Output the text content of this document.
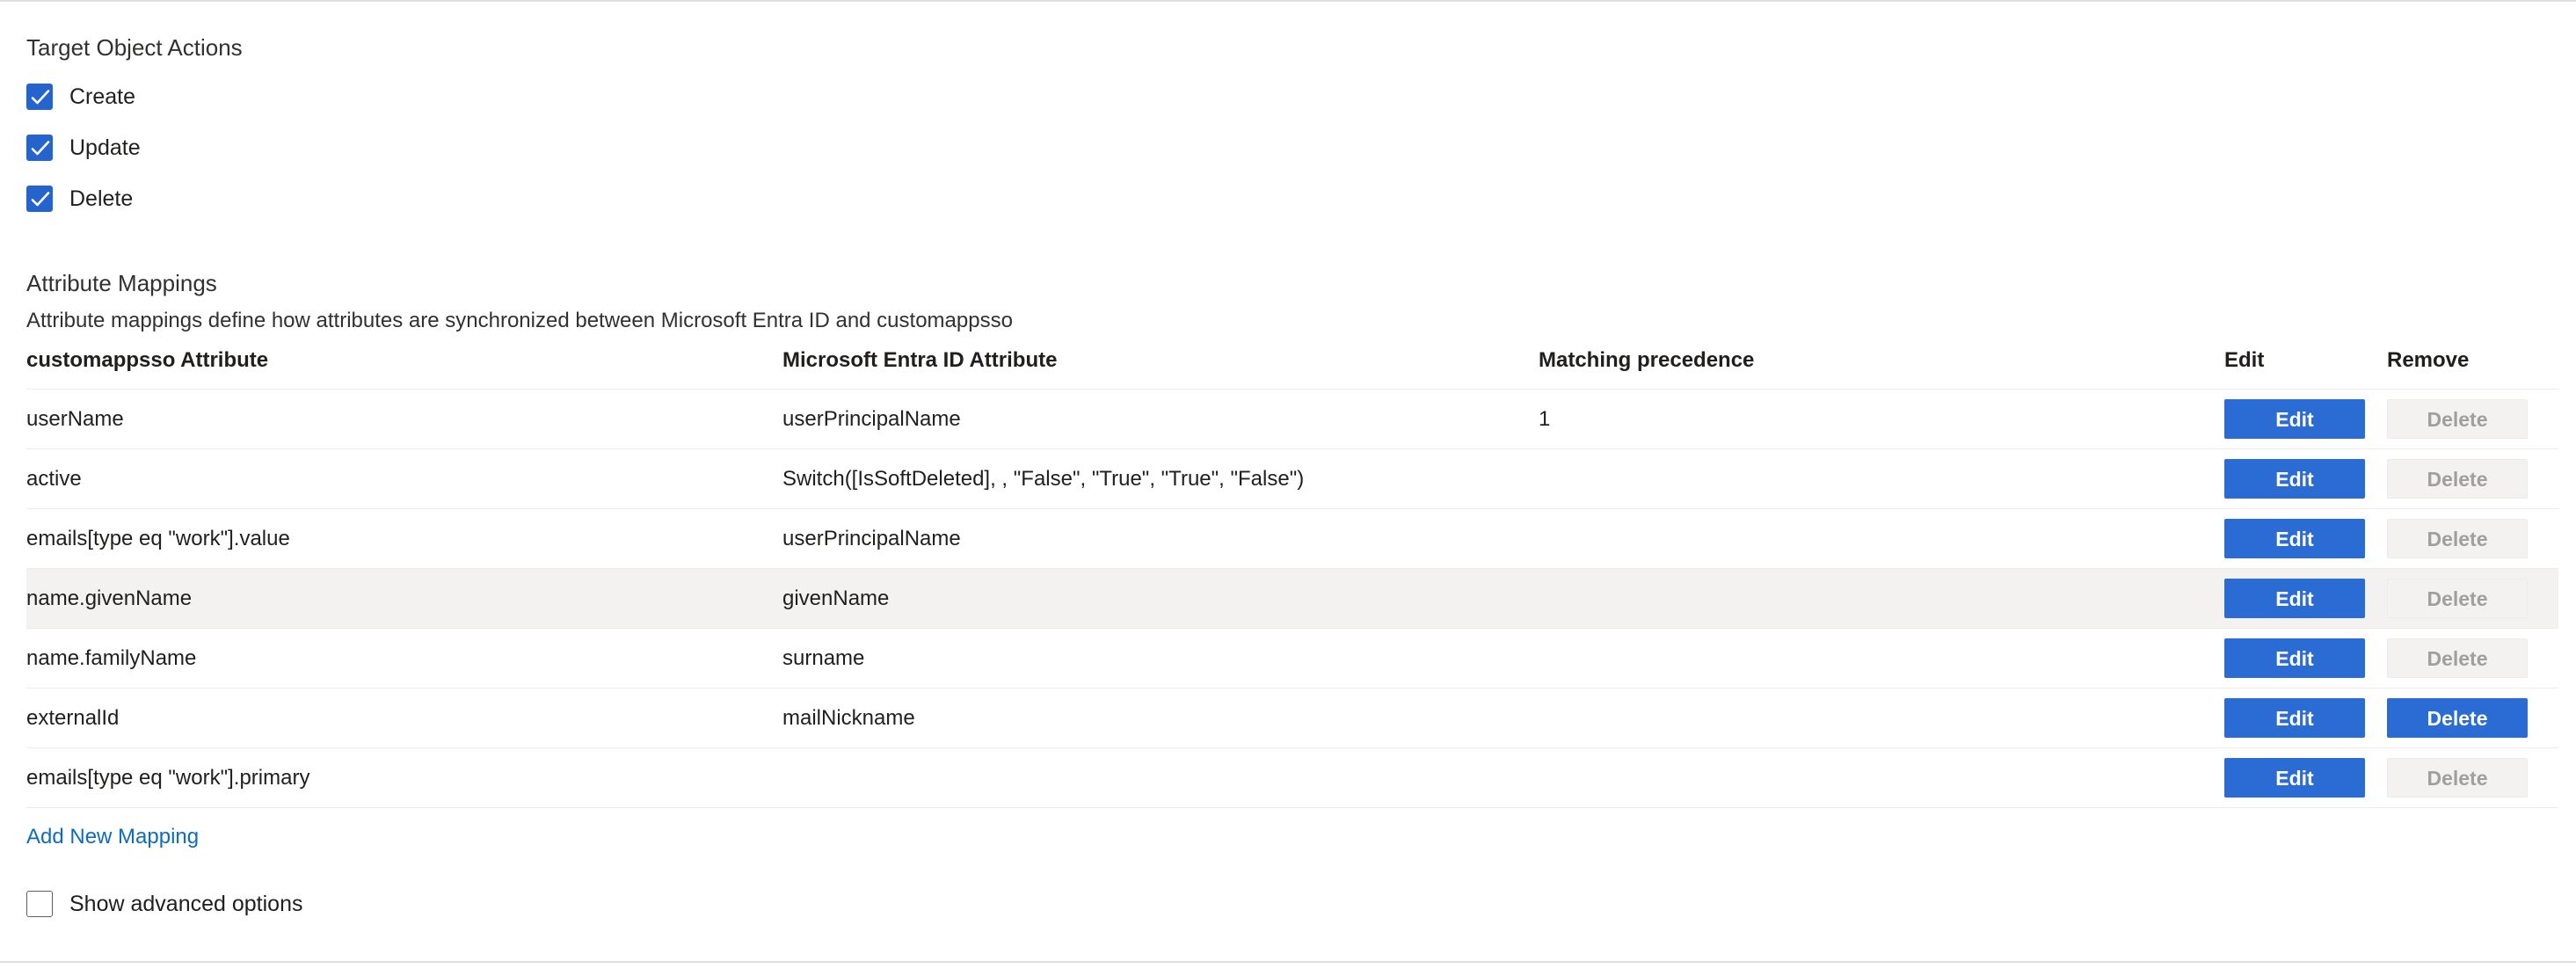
Target Object Actions
Create
Update
Delete
Attribute Mappings
Attribute mappings define how attributes are synchronized between Microsoft Entra ID and customappsso
customappsso Attribute	Microsoft Entra ID Attribute	Matching precedence	Edit	Remove
userName	userPrincipalName	1	Edit	Delete
active	Switch([IsSoftDeleted], , "False", "True", "True", "False")		Edit	Delete
emails[type eq "work"].value	userPrincipalName		Edit	Delete
name.givenName	givenName		Edit	Delete
name.familyName	surname		Edit	Delete
externalId	mailNickname		Edit	Delete
emails[type eq "work"].primary			Edit	Delete
Add New Mapping
Show advanced options
